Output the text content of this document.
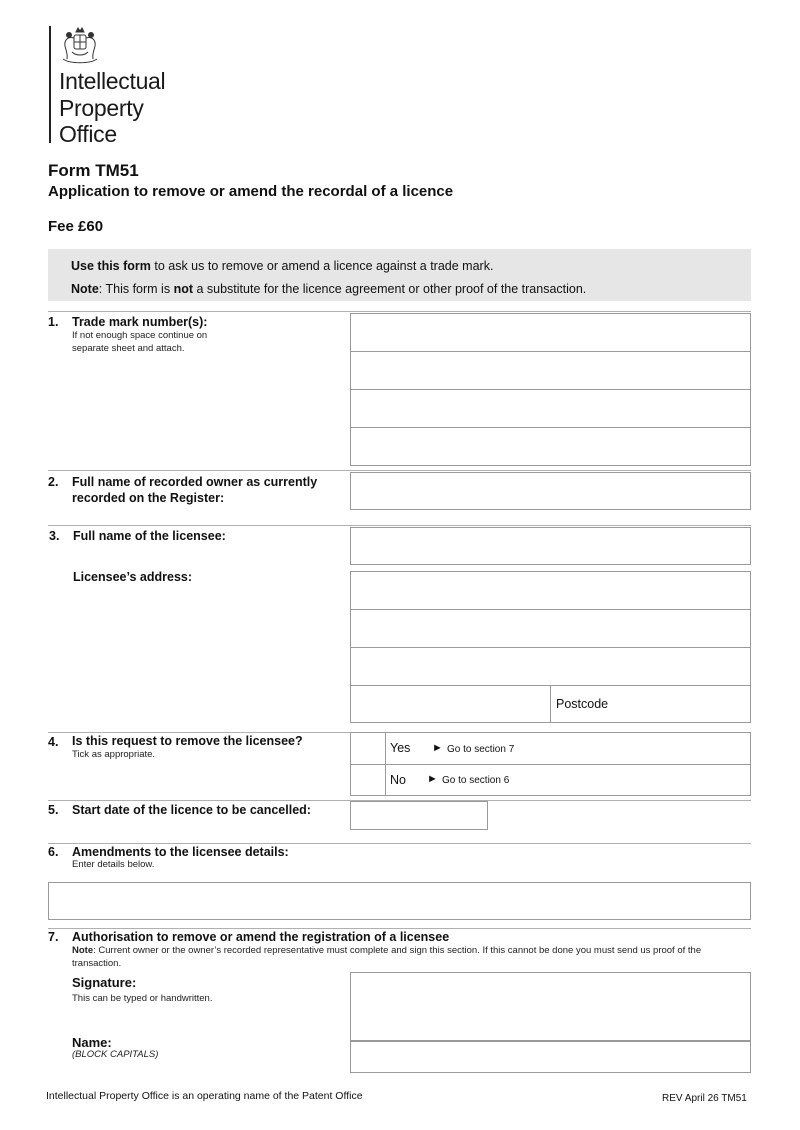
Intellectual
Property
Office
Form TM51
Application to remove or amend the recordal of a licence
Fee £60
Use this form to ask us to remove or amend a licence against a trade mark.
Note: This form is not a substitute for the licence agreement or other proof of the transaction.
1. Trade mark number(s):
If not enough space continue on separate sheet and attach.
2. Full name of recorded owner as currently recorded on the Register:
3. Full name of the licensee:
Licensee’s address:
Postcode
4. Is this request to remove the licensee?
Tick as appropriate.	Yes ► Go to section 7
No ► Go to section 6
5. Start date of the licence to be cancelled:
6. Amendments to the licensee details:
Enter details below.
7. Authorisation to remove or amend the registration of a licensee
Note: Current owner or the owner’s recorded representative must complete and sign this section. If this cannot be done you must send us proof of the transaction.
Signature:
This can be typed or handwritten.
Name:
(BLOCK CAPITALS)
Intellectual Property Office is an operating name of the Patent Office	REV April 26 TM51
